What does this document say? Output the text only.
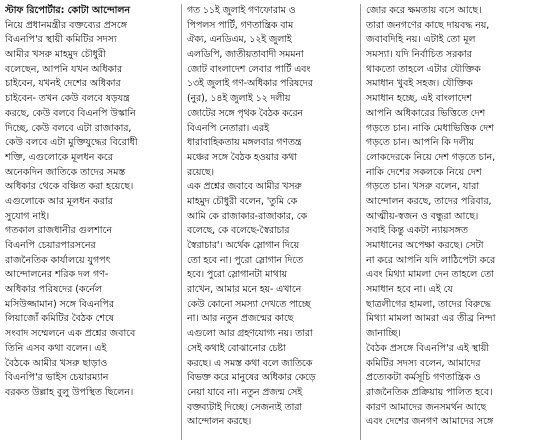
স্টাফ রিপোর্টার: কোটা আন্দোলন
নিয়ে প্রধানমন্ত্রীর বক্তব্যের প্রসঙ্গে
বিএনপি'র স্থায়ী কমিটির সদস্য
আমীর খসরু মাহমুদ চৌধুরী
বলেছেন, আপনি যখন অধিকার
চাইবেন, যখনই দেশের অধিকার
চাইবেন- তখন কেউ বলবে ষড়যন্ত্র
করছে, কেউ বলবে বিএনপি উস্কানি
দিচ্ছে, কেউ বলবে এটা রাজাকার,
কেউ বলবে এটা মুক্তিযুদ্ধের বিরোধী
শক্তি, এগুলোকে মূলধন করে
অনেকদিন জাতিকে তাদের সমস্ত
অধিকার থেকে বঞ্চিত করা হয়েছে।
এগুলোকে আর মূলধন করার
সুযোগ নাই।
গতকাল রাজধানীর গুলশানে
বিএনপি চেয়ারপারসনের
রাজনৈতিক কার্যালয়ে যুগপৎ
আন্দোলনের শরিক দল গণ-
অধিকার পরিষদের (কর্নেল
মসিউজ্জামান) সঙ্গে বিএনপির
লিয়াজোঁ কমিটির বৈঠক শেষে
সংবাদ সম্মেলনে এক প্রশ্নের জবাবে
তিনি এসব কথা বলেন। এই
বৈঠকে আমীর খসরু ছাড়াও
বিএনপি'র ভাইস চেয়ারম্যান
বরকত উল্লাহ বুলু উপস্থিত ছিলেন।
গত ১১ই জুলাই গণফোরাম ও
পিপলস পার্টি, গণতান্ত্রিক বাম
ঐক্য, এনডিএম, ১২ই জুলাই
এলডিপি, জাতীয়তাবাদী সমমনা
জোট বাংলাদেশ লেবার পার্টি এবং
১৩ই জুলাই গণ-অধিকার পরিষদের
(নুর), ১৪ই জুলাই ১২ দলীয়
জোটের সঙ্গে পৃথক বৈঠক করেন
বিএনপি নেতারা। এরই
ধারাবাহিকতায় মঙ্গলবার গণতন্ত্র
মঞ্চের সঙ্গে বৈঠক হওয়ার কথা
রয়েছে।
এক প্রশ্নের জবাবে আমীর খসরু
মাহমুদ চৌধুরী বলেন, 'তুমি কে
আমি কে রাজাকার-রাজাকার, কে
বলেছে, কে বলেছে-স্বৈরাচার
স্বৈরাচার'। অর্থেক স্লোগান দিয়ে
তো হবে না। পুরো স্লোগান দিতে
হবে। পুরো স্লোগানটা মাথায়
রাখেন, আমার মনে হয়- এখানে
কেউ কোনো সমস্যা দেখতে পাচ্ছে
না। আর নতুন প্রজন্মের কাছে
এগুলো আর গ্রহণযোগ্য নয়। তারা
সেই কথাই বোঝানোর চেষ্টা
করছে। এ সমস্ত কথা বলে জাতিকে
বিভক্ত করে মানুষের অধিকার কেড়ে
নেয়া যাবে না। নতুন প্রজন্ম সেই
বক্তব্যটাই দিচ্ছে। সেজন্যই তারা
আন্দোলন করছে।
জোর করে ক্ষমতায় বসে আছে।
তারা জনগণের কাছে দায়বদ্ধ নয়,
জবাবদিহি নয়। এটাই তো মূল
সমস্যা। যদি নির্বাচিত সরকার
থাকতো তাহলে এটার যৌক্তিক
সমাধান খুবই সহজ। যৌক্তিক
সমাধান হচ্ছে, এই বাংলাদেশ
আপনি অধিকারের ভিত্তিতে দেশ
গড়তে চান। নাকি মেধাভিত্তিক দেশ
গড়তে চান। আপনি কি দলীয়
লোকদেরকে নিয়ে দেশ গড়তে চান,
নাকি দেশের সকলকে নিয়ে দেশ
গড়তে চান। খসরু বলেন, যারা
আন্দোলন করছে, তাদের পরিবার,
আত্মীয়-স্বজন ও বন্ধুরা আছে।
সবাই কিন্তু একটা ন্যায়সঙ্গত
সমাধানের অপেক্ষা করছে। সেটা
না করে আপনি যদি লাঠিপেটা করে
এবং মিথ্যা মামলা দেন তাহলে তো
সমাধান হবে না। এই যে
ছাত্রলীগের হামলা, তাদের বিরুদ্ধে
মিথ্যা মামলা আমরা এর তীব্র নিন্দা
জানাচ্ছি।
বৈঠক প্রসঙ্গে বিএনপি'র এই স্থায়ী
কমিটির সদস্য বলেন, আমাদের
প্রত্যেকটা কর্মসূচি গণতান্ত্রিক ও
রাজনৈতিক প্রক্রিয়ায় পালিত হবে।
কারণ আমাদের জনসমর্থন আছে
এবং দেশের জনগণ আমাদের সঙ্গে
